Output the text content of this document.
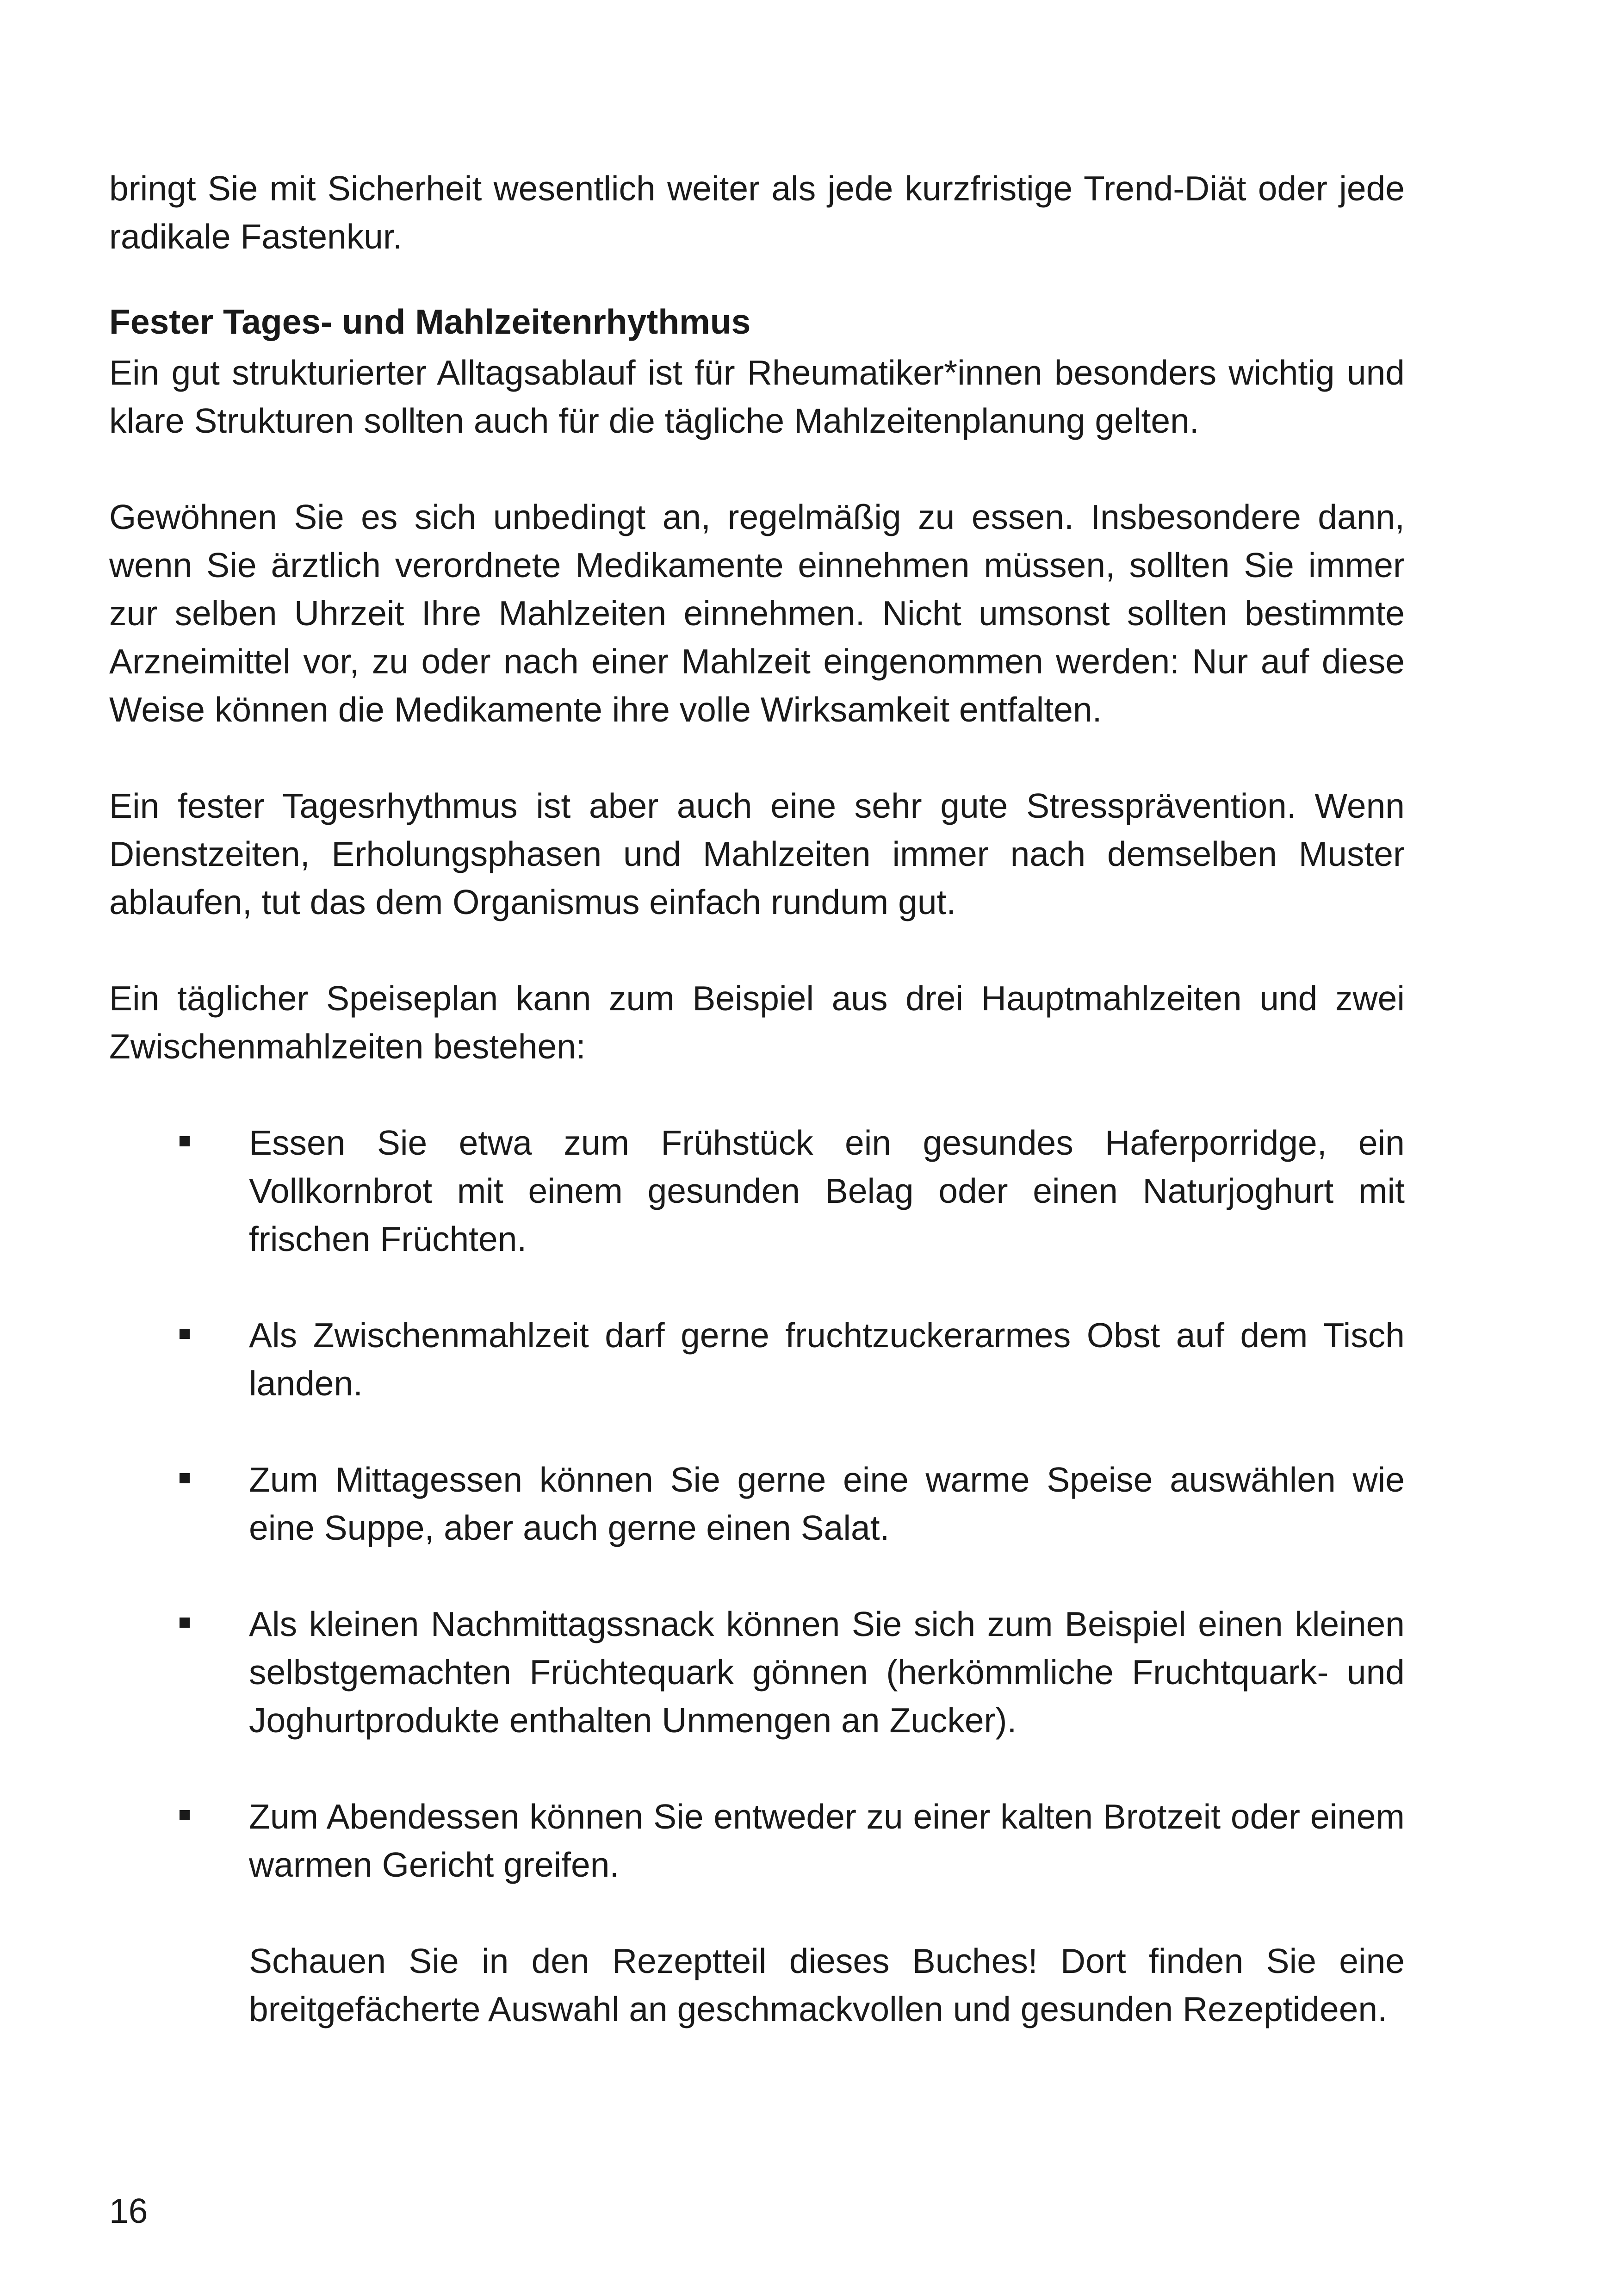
bringt Sie mit Sicherheit wesentlich weiter als jede kurzfristige Trend-Diät oder jede radikale Fastenkur.

Fester Tages- und Mahlzeitenrhythmus

Ein gut strukturierter Alltagsablauf ist für Rheumatiker*innen besonders wichtig und klare Strukturen sollten auch für die tägliche Mahlzeitenplanung gelten.

Gewöhnen Sie es sich unbedingt an, regelmäßig zu essen. Insbesondere dann, wenn Sie ärztlich verordnete Medikamente einnehmen müssen, sollten Sie immer zur selben Uhrzeit Ihre Mahlzeiten einnehmen. Nicht umsonst sollten bestimmte Arzneimittel vor, zu oder nach einer Mahlzeit eingenommen werden: Nur auf diese Weise können die Medikamente ihre volle Wirksamkeit entfalten.

Ein fester Tagesrhythmus ist aber auch eine sehr gute Stressprävention. Wenn Dienstzeiten, Erholungsphasen und Mahlzeiten immer nach demselben Muster ablaufen, tut das dem Organismus einfach rundum gut.

Ein täglicher Speiseplan kann zum Beispiel aus drei Hauptmahlzeiten und zwei Zwischenmahlzeiten bestehen:

Essen Sie etwa zum Frühstück ein gesundes Haferporridge, ein Vollkornbrot mit einem gesunden Belag oder einen Naturjoghurt mit frischen Früchten.
Als Zwischenmahlzeit darf gerne fruchtzuckerarmes Obst auf dem Tisch landen.
Zum Mittagessen können Sie gerne eine warme Speise auswählen wie eine Suppe, aber auch gerne einen Salat.
Als kleinen Nachmittagssnack können Sie sich zum Beispiel einen kleinen selbstgemachten Früchtequark gönnen (herkömmliche Fruchtquark- und Joghurtprodukte enthalten Unmengen an Zucker).
Zum Abendessen können Sie entweder zu einer kalten Brotzeit oder einem warmen Gericht greifen.

Schauen Sie in den Rezeptteil dieses Buches! Dort finden Sie eine breitgefächerte Auswahl an geschmackvollen und gesunden Rezeptideen.

16
